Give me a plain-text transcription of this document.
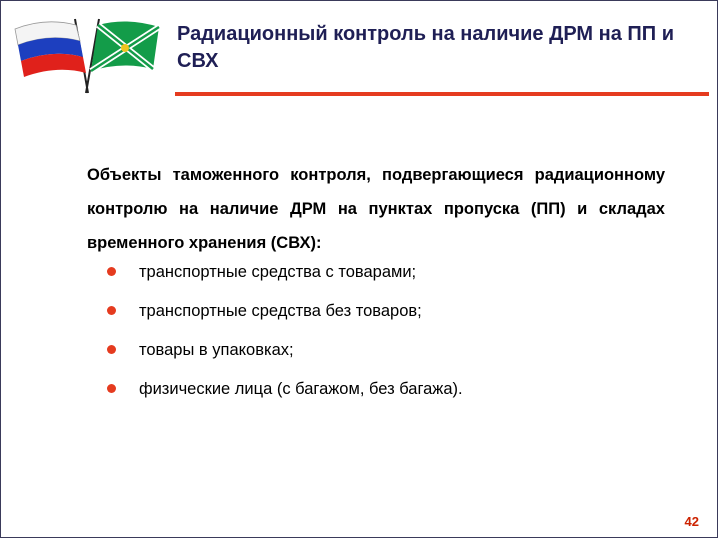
Радиационный контроль на наличие ДРМ на ПП и СВХ

Объекты таможенного контроля, подвергающиеся радиационному контролю на наличие ДРМ на пунктах пропуска (ПП) и складах временного хранения (СВХ):

транспортные средства с товарами;
транспортные средства без товаров;
товары в упаковках;
физические лица (с багажом, без багажа).
42
